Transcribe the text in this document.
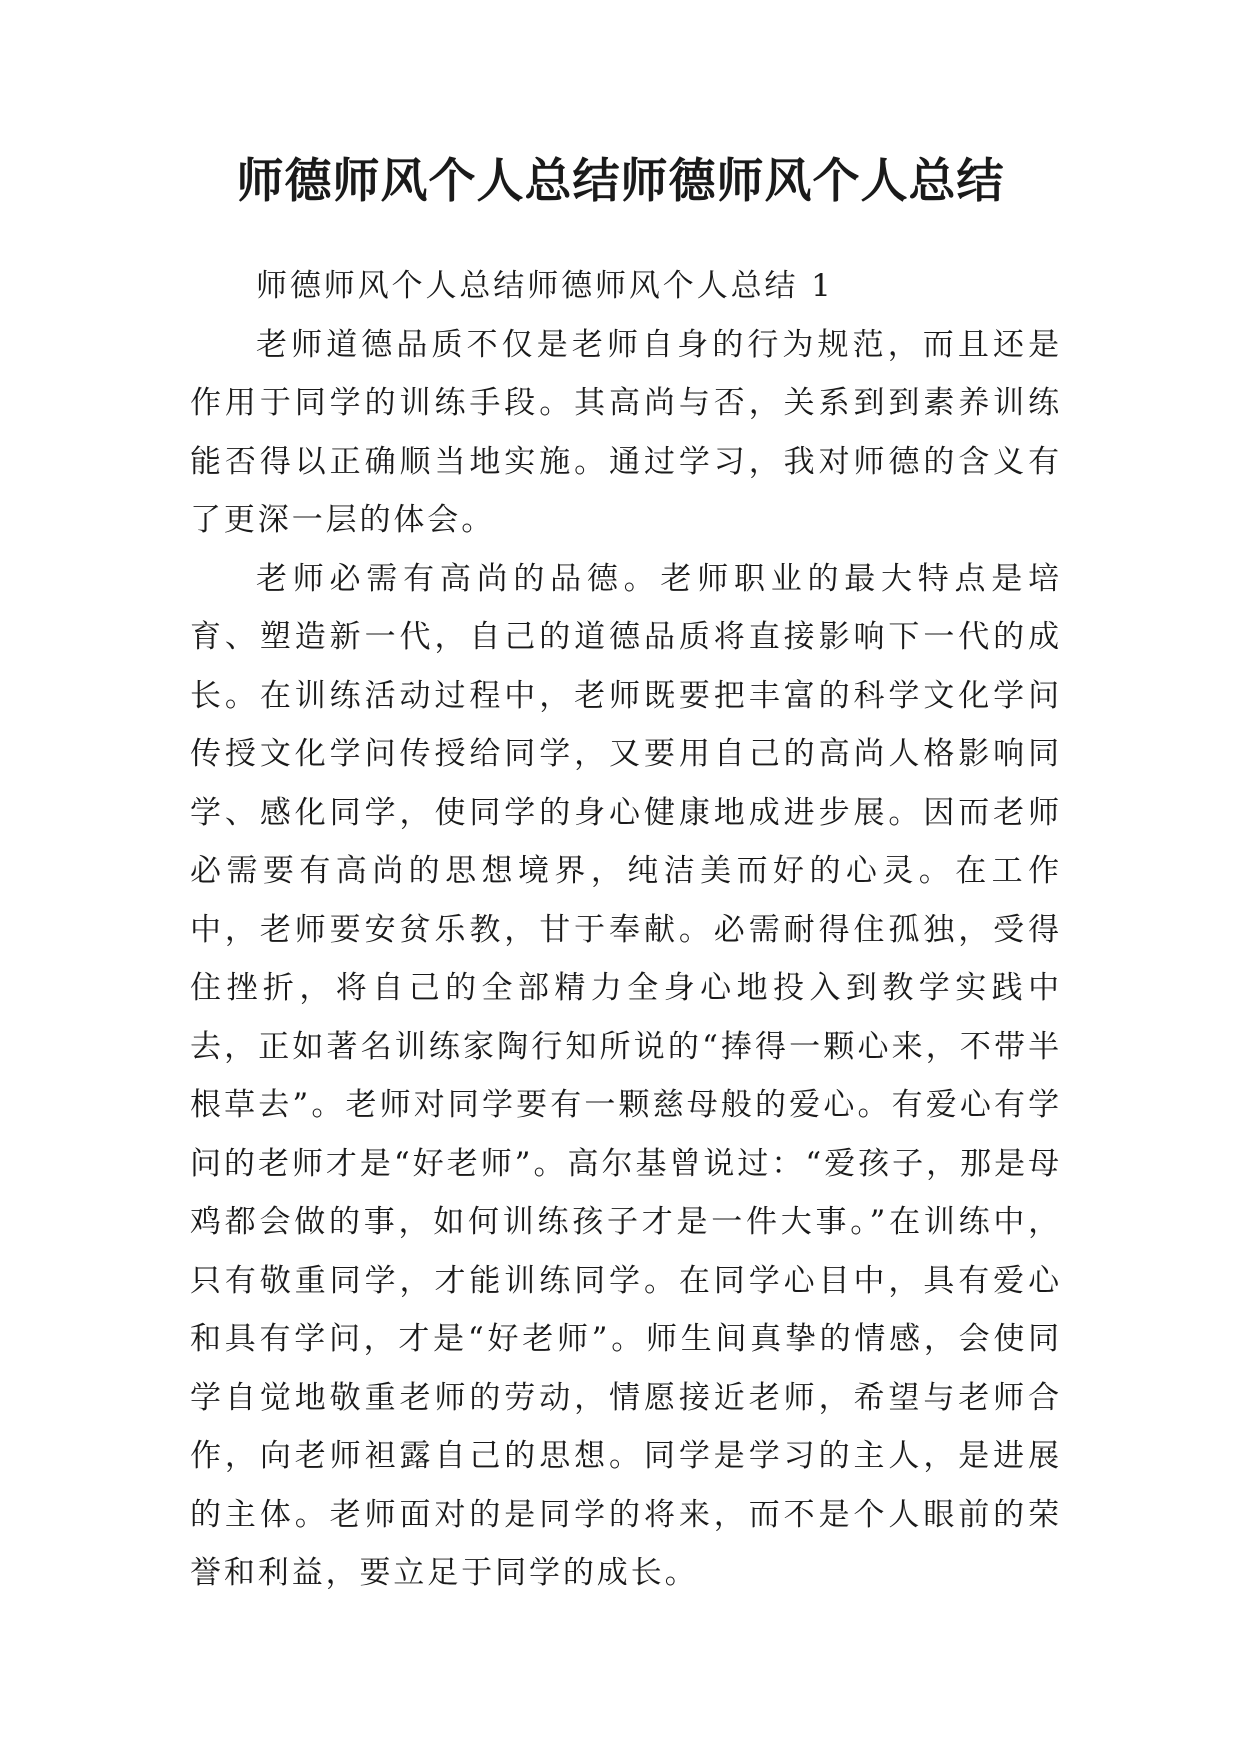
师德师风个人总结师德师风个人总结

师德师风个人总结师德师风个人总结 1

老师道德品质不仅是老师自身的行为规范，而且还是作用于同学的训练手段。其高尚与否，关系到到素养训练能否得以正确顺当地实施。通过学习，我对师德的含义有了更深一层的体会。

老师必需有高尚的品德。老师职业的最大特点是培育、塑造新一代，自己的道德品质将直接影响下一代的成长。在训练活动过程中，老师既要把丰富的科学文化学问传授文化学问传授给同学，又要用自己的高尚人格影响同学、感化同学，使同学的身心健康地成进步展。因而老师必需要有高尚的思想境界，纯洁美而好的心灵。在工作中，老师要安贫乐教，甘于奉献。必需耐得住孤独，受得住挫折，将自己的全部精力全身心地投入到教学实践中去，正如著名训练家陶行知所说的“捧得一颗心来，不带半根草去”。老师对同学要有一颗慈母般的爱心。有爱心有学问的老师才是“好老师”。高尔基曾说过：“爱孩子，那是母鸡都会做的事，如何训练孩子才是一件大事。”在训练中，只有敬重同学，才能训练同学。在同学心目中，具有爱心和具有学问，才是“好老师”。师生间真挚的情感，会使同学自觉地敬重老师的劳动，情愿接近老师，希望与老师合作，向老师袒露自己的思想。同学是学习的主人，是进展的主体。老师面对的是同学的将来，而不是个人眼前的荣誉和利益，要立足于同学的成长。
